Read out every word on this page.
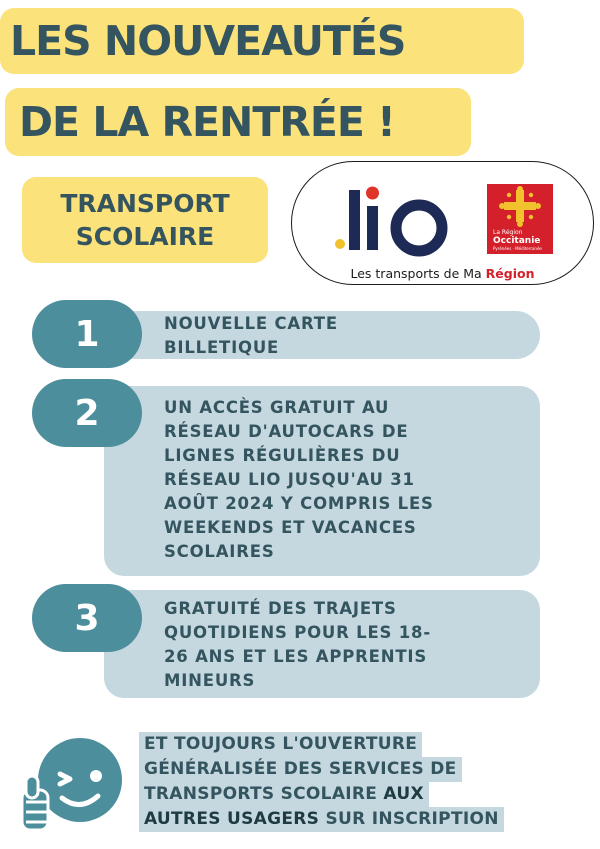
LES NOUVEAUTÉS
DE LA RENTRÉE !
TRANSPORT
SCOLAIRE	La Région
Occitanie
Pyrénées · Méditerranée
Les transports de Ma Région
1	NOUVELLE CARTE
BILLETIQUE
2	UN ACCÈS GRATUIT AU
RÉSEAU D'AUTOCARS DE
LIGNES RÉGULIÈRES DU
RÉSEAU LIO JUSQU'AU 31
AOÛT 2024 Y COMPRIS LES
WEEKENDS ET VACANCES
SCOLAIRES
3	GRATUITÉ DES TRAJETS
QUOTIDIENS POUR LES 18-
26 ANS ET LES APPRENTIS
MINEURS
ET TOUJOURS L'OUVERTURE
GÉNÉRALISÉE DES SERVICES DE
TRANSPORTS SCOLAIRE AUX
AUTRES USAGERS SUR INSCRIPTION
